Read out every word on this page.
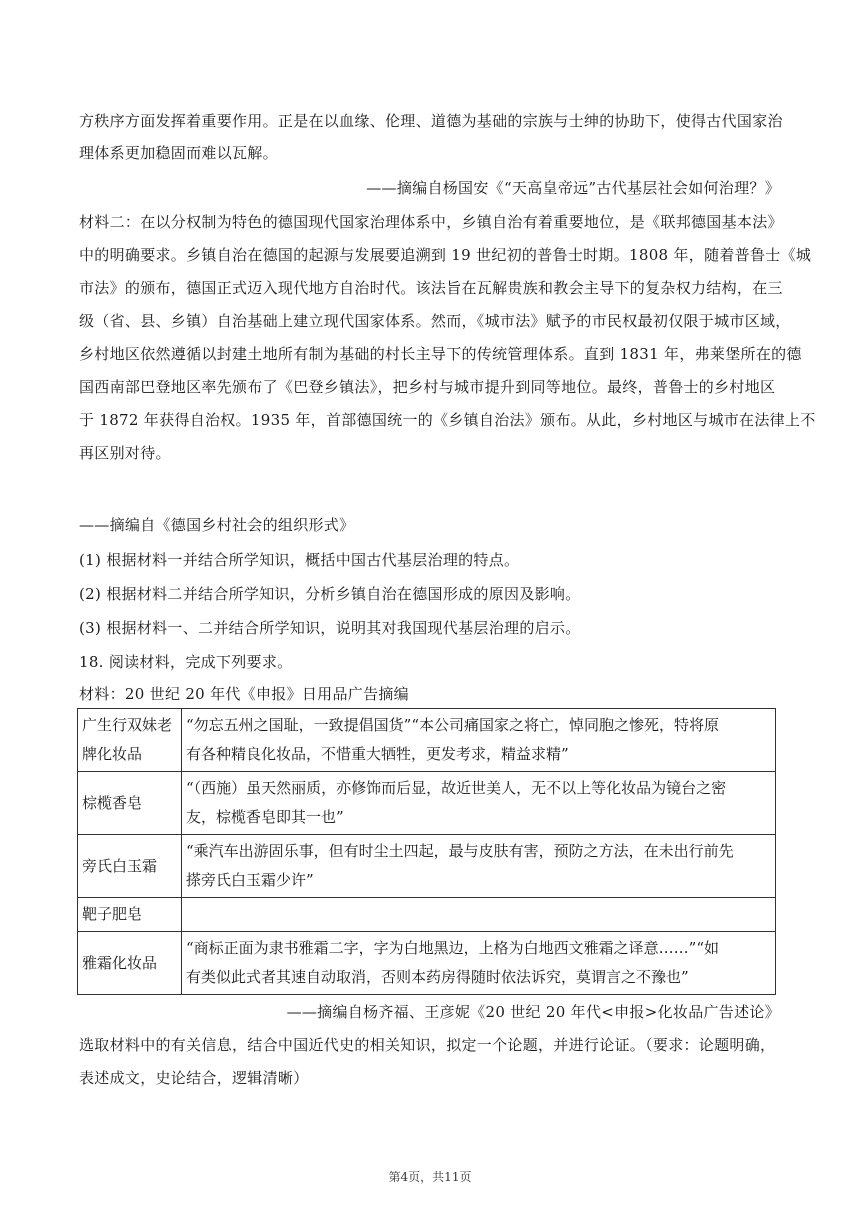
方秩序方面发挥着重要作用。正是在以血缘、伦理、道德为基础的宗族与士绅的协助下，使得古代国家治
理体系更加稳固而难以瓦解。
——摘编自杨国安《“天高皇帝远”古代基层社会如何治理？》
材料二：在以分权制为特色的德国现代国家治理体系中，乡镇自治有着重要地位，是《联邦德国基本法》
中的明确要求。乡镇自治在德国的起源与发展要追溯到 19 世纪初的普鲁士时期。1808 年，随着普鲁士《城
市法》的颁布，德国正式迈入现代地方自治时代。该法旨在瓦解贵族和教会主导下的复杂权力结构，在三
级（省、县、乡镇）自治基础上建立现代国家体系。然而，《城市法》赋予的市民权最初仅限于城市区域，
乡村地区依然遵循以封建土地所有制为基础的村长主导下的传统管理体系。直到 1831 年，弗莱堡所在的德
国西南部巴登地区率先颁布了《巴登乡镇法》，把乡村与城市提升到同等地位。最终，普鲁士的乡村地区
于 1872 年获得自治权。1935 年，首部德国统一的《乡镇自治法》颁布。从此，乡村地区与城市在法律上不
再区别对待。
——摘编自《德国乡村社会的组织形式》
(1) 根据材料一并结合所学知识，概括中国古代基层治理的特点。
(2) 根据材料二并结合所学知识，分析乡镇自治在德国形成的原因及影响。
(3) 根据材料一、二并结合所学知识，说明其对我国现代基层治理的启示。
18. 阅读材料，完成下列要求。
材料：20 世纪 20 年代《申报》日用品广告摘编
广生行双妹老
牌化妆品	“勿忘五州之国耻，一致提倡国货”“本公司痛国家之将亡，悼同胞之惨死，特将原
有各种精良化妆品，不惜重大牺牲，更发考求，精益求精”
棕榄香皂	“（西施）虽天然丽质，亦修饰而后显，故近世美人，无不以上等化妆品为镜台之密
友，棕榄香皂即其一也”
旁氏白玉霜	“乘汽车出游固乐事，但有时尘土四起，最与皮肤有害，预防之方法，在未出行前先
搽旁氏白玉霜少许”
靶子肥皂	
雅霜化妆品	“商标正面为隶书雅霜二字，字为白地黑边，上格为白地西文雅霜之译意……”“如
有类似此式者其速自动取消，否则本药房得随时依法诉究，莫谓言之不豫也”
——摘编自杨齐福、王彦妮《20 世纪 20 年代<申报>化妆品广告述论》
选取材料中的有关信息，结合中国近代史的相关知识，拟定一个论题，并进行论证。（要求：论题明确，
表述成文，史论结合，逻辑清晰）
第4页，共11页
